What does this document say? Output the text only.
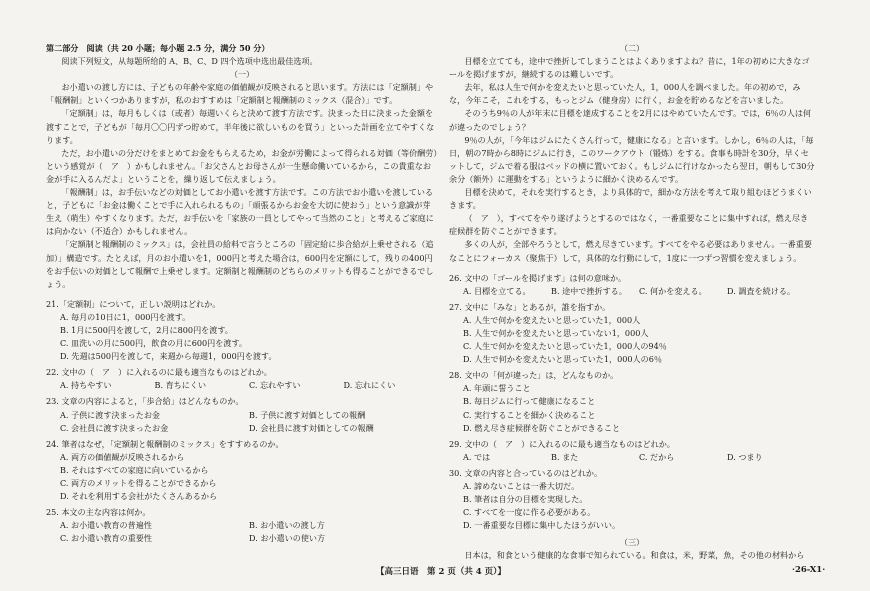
第二部分　阅读（共 20 小题；每小题 2.5 分，满分 50 分）

阅读下列短文，从每题所给的 A、B、C、D 四个选项中选出最佳选项。

（一）

お小遣いの渡し方には、子どもの年齢や家庭の価値観が反映されると思います。方法には「定額制」や「報酬制」といくつかありますが，私のおすすめは「定額制と報酬制のミックス（混合）」です。

「定額制」は，毎月もしくは（或者）毎週いくらと決めて渡す方法です。決まった日に決まった金額を渡すことで，子どもが「毎月〇〇円ずつ貯めて，半年後に欲しいものを買う」といった計画を立てやすくなります。

ただ，お小遣いの分だけをまとめてお金をもらえるため，お金が労働によって得られる対価（等价酬劳）という感覚が（　ア　）かもしれません。「お父さんとお母さんが一生懸命働いているから，この貴重なお金が手に入るんだよ」ということを，繰り返して伝えましょう。

「報酬制」は，お手伝いなどの対価としてお小遣いを渡す方法です。この方法でお小遣いを渡していると，子どもに「お金は働くことで手に入れられるもの」「頑張るからお金を大切に使おう」という意識が芽生え（萌生）やすくなります。ただ，お手伝いを「家族の一員としてやって当然のこと」と考えるご家庭には向かない（不适合）かもしれません。

「定額制と報酬制のミックス」は，会社員の給料で言うところの「固定給に歩合給が上乗せされる（追加）」構造です。たとえば，月のお小遣いを1，000円と考えた場合は，600円を定額にして，残りの400円をお手伝いの対価として報酬で上乗せします。定額制と報酬制のどちらのメリットも得ることができるでしょう。

21.「定額制」について，正しい説明はどれか。

A. 毎月の10日に1，000円を渡す。

B. 1月に500円を渡して，2月に800円を渡す。

C. 皿洗いの月に500円，飲食の月に600円を渡す。

D. 先週は500円を渡して，来週から毎週1，000円を渡す。

22. 文中の（　ア　）に入れるのに最も適当なものはどれか。

A. 持ちやすい	B. 育ちにくい	C. 忘れやすい	D. 忘れにくい

23. 文章の内容によると，「歩合給」はどんなものか。

A. 子供に渡す決まったお金	B. 子供に渡す対価としての報酬
C. 会社員に渡す決まったお金	D. 会社員に渡す対価としての報酬

24. 筆者はなぜ，「定額制と報酬制のミックス」をすすめるのか。

A. 両方の価値観が反映されるから

B. それはすべての家庭に向いているから

C. 両方のメリットを得ることができるから

D. それを利用する会社がたくさんあるから

25. 本文の主な内容は何か。

A. お小遣い教育の普遍性	B. お小遣いの渡し方
C. お小遣い教育の重要性	D. お小遣いの使い方

（二）

目標を立てても，途中で挫折してしまうことはよくありますよね？昔に，1年の初めに大きなゴールを掲げますが，継続するのは難しいです。

去年，私は人生で何かを変えたいと思っていた人，1，000人を調べました。年の初めで，みな，今年こそ，これをする，もっとジム（健身房）に行く，お金を貯めるなどを言いました。

そのうち9％の人が年末に目標を達成することを2月にはやめていたんです。では，6％の人は何が違ったのでしょう？

9％の人が，「今年はジムにたくさん行って，健康になる」と言います。しかし，6％の人は，「毎日，朝の7時から8時にジムに行き，このワークアウト（锻炼）をする。食事も時計を30分，早くセットして，ジムで着る服はベッドの横に置いておく。もしジムに行けなかったら翌日，朝もして30分余分（额外）に運動をする」というように細かく決めるんです。

目標を決めて，それを実行するとき，より具体的で，細かな方法を考えて取り組むほどうまくいきます。

（　ア　），すべてをやり遂げようとするのではなく，一番重要なことに集中すれば，燃え尽き症候群を防ぐことができます。

多くの人が，全部やろうとして，燃え尽きています。すべてをやる必要はありません。一番重要なことにフォーカス（聚焦于）して，具体的な行動にして，1度に一つずつ習慣を変えましょう。

26. 文中の「ゴールを掲げます」は何の意味か。

A. 目標を立てる。	B. 途中で挫折する。	C. 何かを変える。	D. 調査を続ける。

27. 文中に「みな」とあるが，誰を指すか。

A. 人生で何かを変えたいと思っていた1，000人

B. 人生で何かを変えたいと思っていない1，000人

C. 人生で何かを変えたいと思っていた1，000人の94％

D. 人生で何かを変えたいと思っていた1，000人の6％

28. 文中の「何が違った」は，どんなものか。

A. 年頭に誓うこと

B. 毎日ジムに行って健康になること

C. 実行することを細かく決めること

D. 燃え尽き症候群を防ぐことができること

29. 文中の（　ア　）に入れるのに最も適当なものはどれか。

A. では	B. また	C. だから	D. つまり

30. 文章の内容と合っているのはどれか。

A. 諦めないことは一番大切だ。

B. 筆者は自分の目標を実現した。

C. すべてを一度に作る必要がある。

D. 一番重要な目標に集中したほうがいい。

（三）

日本は，和食という健康的な食事で知られている。和食は，米，野菜，魚，その他の材料から

【高三日语　第 2 页（共 4 页）】	·26-X1·
